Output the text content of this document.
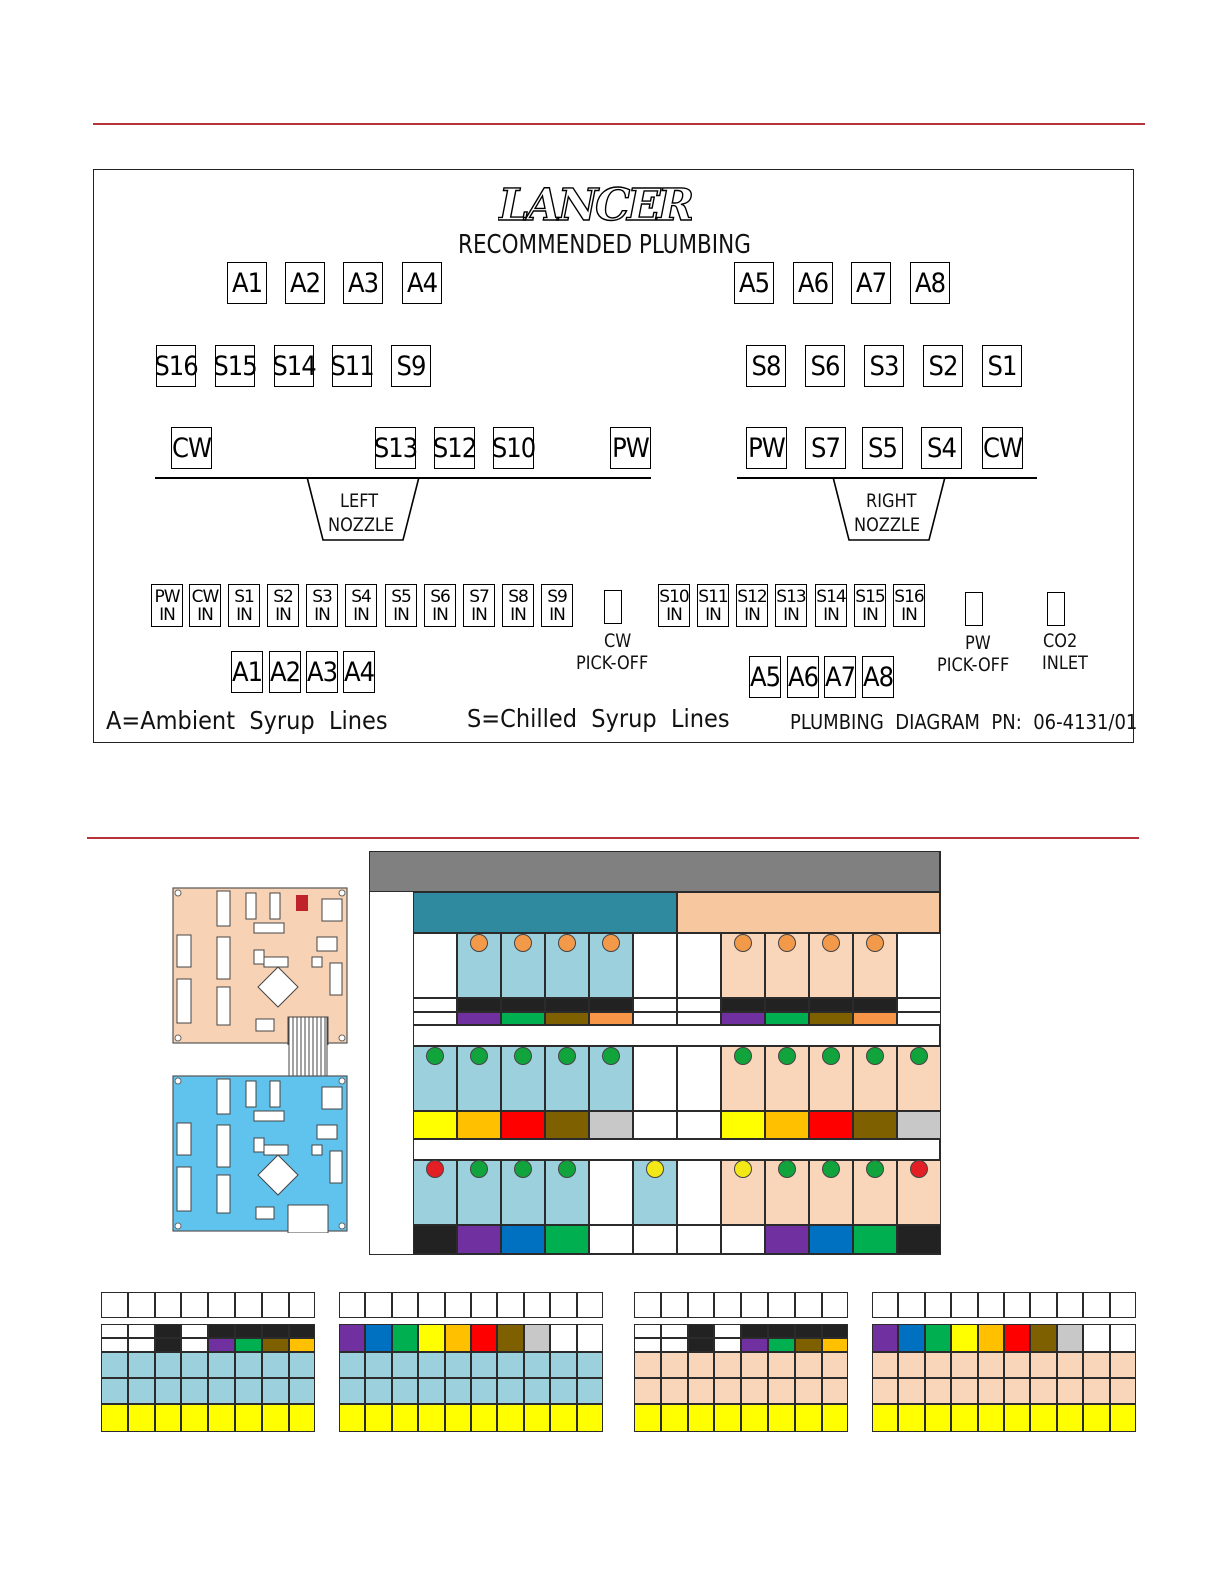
LANCER
RECOMMENDED PLUMBING
A1 A2 A3 A4	A5 A6 A7 A8
S16 S15 S14 S11 S9	S8 S6 S3 S2 S1
CW	S13 S12 S10	PW	PW S7 S5 S4 CW
A1 A2 A3 A4	A5 A6 A7 A8
PW
IN
CW
IN
S1
IN
S2
IN
S3
IN
S4
IN
S5
IN
S6
IN
S7
IN
S8
IN
S9
IN
S10
IN
S11
IN
S12
IN
S13
IN
S14
IN
S15
IN
S16
IN
LEFT
NOZZLE
RIGHT
NOZZLE
CW
PICK-OFF
PW
PICK-OFF
CO2
INLET
A=Ambient  Syrup  Lines	S=Chilled  Syrup  Lines	PLUMBING  DIAGRAM  PN:  06-4131/01
